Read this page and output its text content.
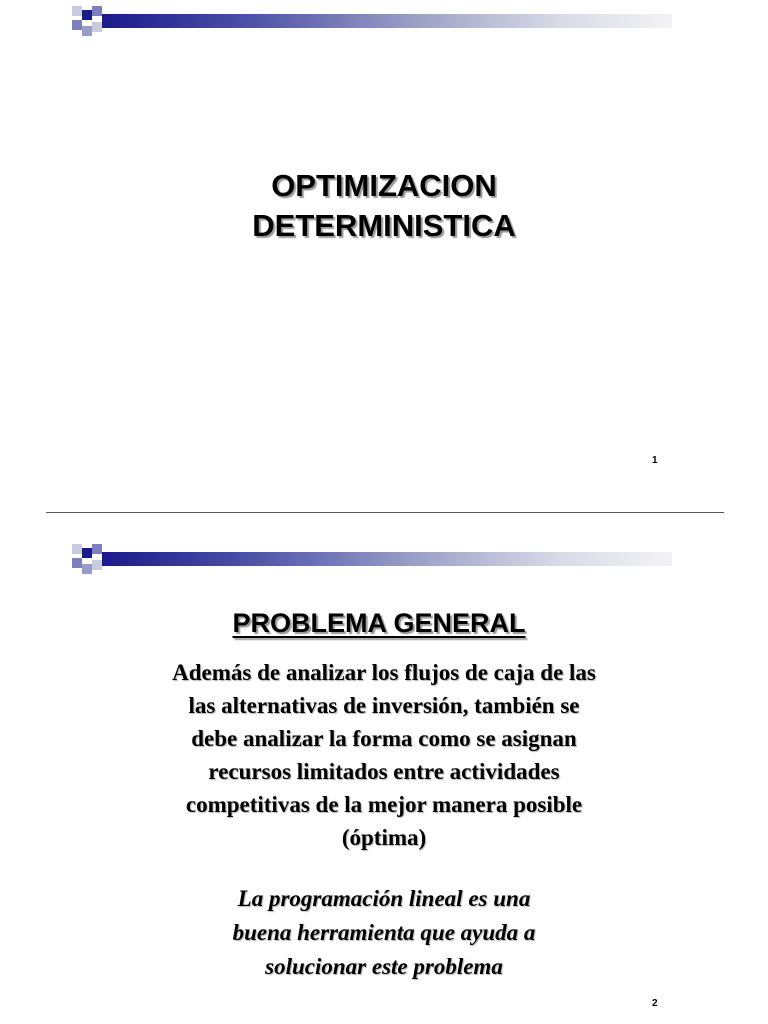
OPTIMIZACION
DETERMINISTICA
1
PROBLEMA GENERAL
Además de analizar los flujos de caja de las
las alternativas de inversión, también se
debe analizar la forma como se asignan
recursos limitados entre actividades
competitivas de la mejor manera posible
(óptima)
La programación lineal es una
buena herramienta que ayuda a
solucionar este problema
2
